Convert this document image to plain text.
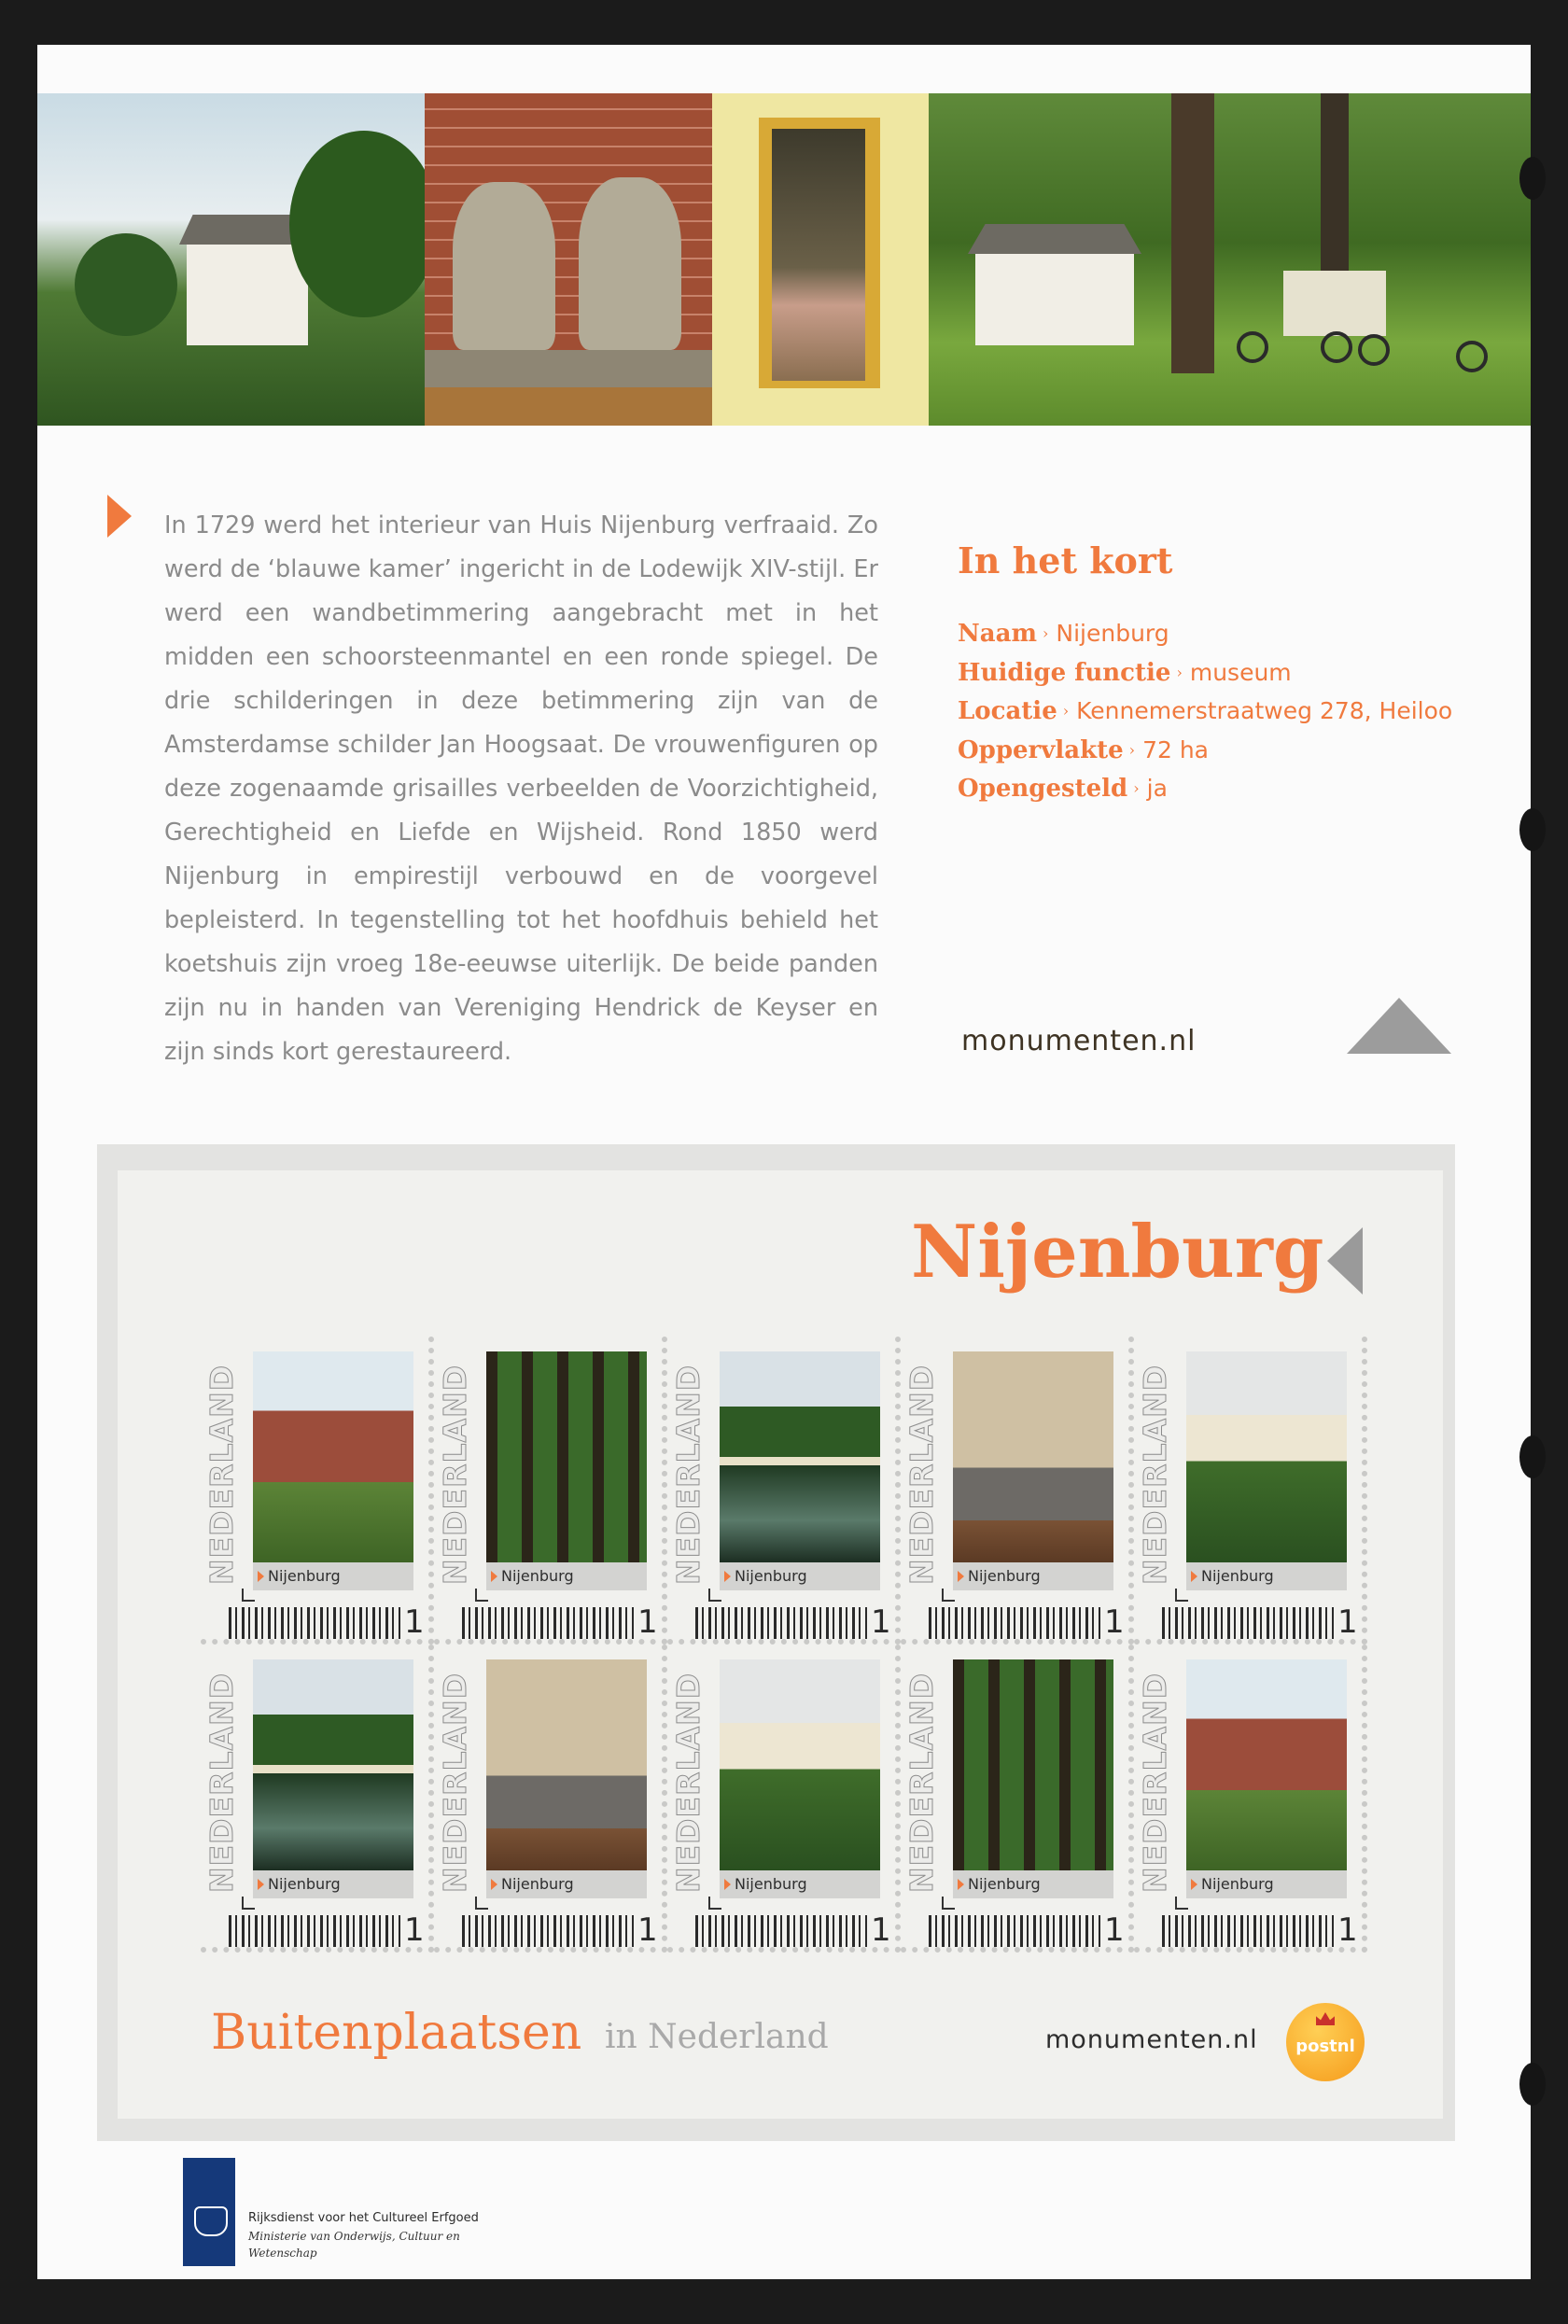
In 1729 werd het interieur van Huis Nijenburg verfraaid. Zo werd de ‘blauwe kamer’ ingericht in de Lodewijk XIV-stijl. Er werd een wandbetimmering aangebracht met in het midden een schoorsteenmantel en een ronde spiegel. De drie schilderingen in deze betimmering zijn van de Amsterdamse schilder Jan Hoogsaat. De vrouwenfiguren op deze zogenaamde grisailles verbeelden de Voorzichtigheid, Gerechtigheid en Liefde en Wijsheid. Rond 1850 werd Nijenburg in empirestijl verbouwd en de voorgevel bepleisterd. In tegenstelling tot het hoofdhuis behield het koetshuis zijn vroeg 18e-eeuwse uiterlijk. De beide panden zijn nu in handen van Vereniging Hendrick de Keyser en zijn sinds kort gerestaureerd.

In het kort
Naam › Nijenburg
Huidige functie › museum
Locatie › Kennemerstraatweg 278, Heiloo
Oppervlakte › 72 ha
Opengesteld › ja
monumenten.nl
Nijenburg
NEDERLAND	Nijenburg
1
NEDERLAND	Nijenburg
1
NEDERLAND	Nijenburg
1
NEDERLAND	Nijenburg
1
NEDERLAND	Nijenburg
1
NEDERLAND	Nijenburg
1
NEDERLAND	Nijenburg
1
NEDERLAND	Nijenburg
1
NEDERLAND	Nijenburg
1
NEDERLAND	Nijenburg
1
Buitenplaatsen in Nederland	monumenten.nl	postnl
Rijksdienst voor het Cultureel Erfgoed
Ministerie van Onderwijs, Cultuur en Wetenschap
